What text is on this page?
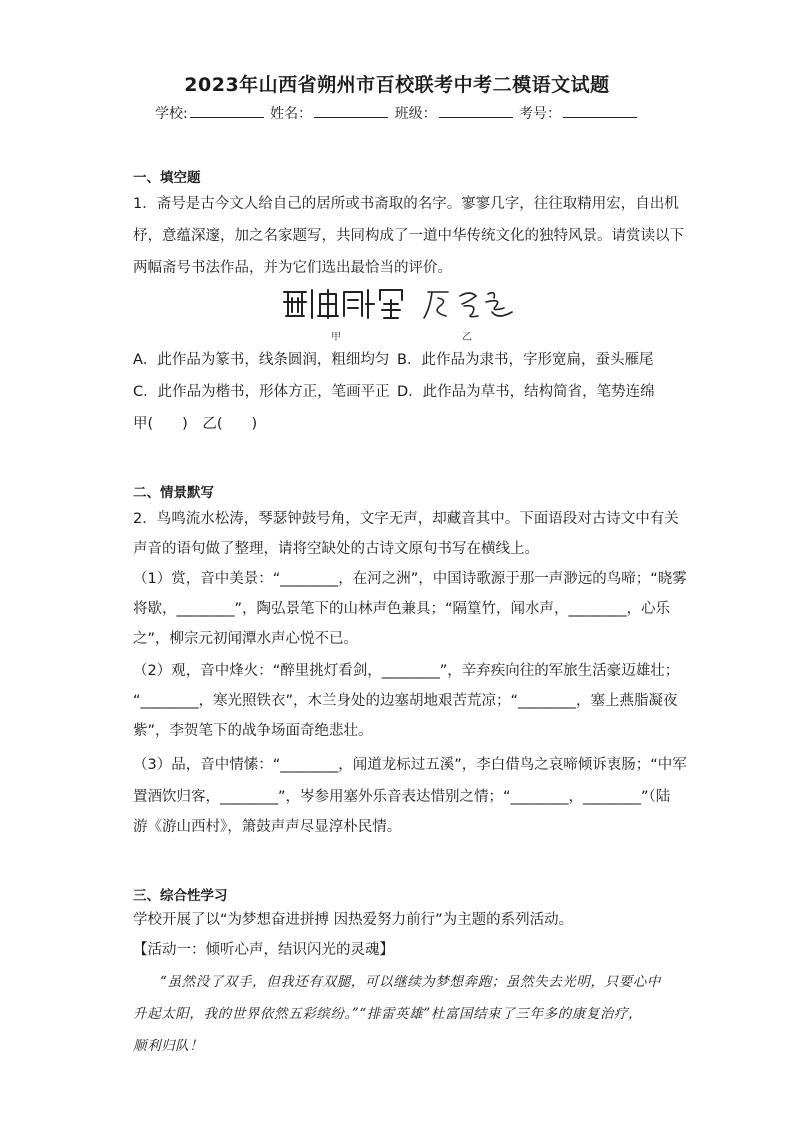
2023年山西省朔州市百校联考中考二模语文试题
学校:	姓名：	班级：	考号：
一、填空题
1．斋号是古今文人给自己的居所或书斋取的名字。寥寥几字，往往取精用宏，自出机
杼，意蕴深邃，加之名家题写，共同构成了一道中华传统文化的独特风景。请赏读以下
两幅斋号书法作品，并为它们选出最恰当的评价。
甲	乙
A．此作品为篆书，线条圆润，粗细均匀 B．此作品为隶书，字形宽扁，蚕头雁尾
C．此作品为楷书，形体方正，笔画平正 D．此作品为草书，结构简省，笔势连绵
甲(　　)　乙(　　)
二、情景默写
2．鸟鸣流水松涛，琴瑟钟鼓号角，文字无声，却藏音其中。下面语段对古诗文中有关
声音的语句做了整理，请将空缺处的古诗文原句书写在横线上。
（1）赏，音中美景：“________，在河之洲”，中国诗歌源于那一声渺远的鸟啼；“晓雾
将歇，________”，陶弘景笔下的山林声色兼具；“隔篁竹，闻水声，________，心乐
之”，柳宗元初闻潭水声心悦不已。
（2）观，音中烽火：“醉里挑灯看剑，________”，辛弃疾向往的军旅生活豪迈雄壮；
“________，寒光照铁衣”，木兰身处的边塞胡地艰苦荒凉；“________，塞上燕脂凝夜
紫”，李贺笔下的战争场面奇绝悲壮。
（3）品，音中情愫：“________，闻道龙标过五溪”，李白借鸟之哀啼倾诉衷肠；“中军
置酒饮归客，________”，岑参用塞外乐音表达惜别之情；“________，________”（陆
游《游山西村》，箫鼓声声尽显淳朴民情。
三、综合性学习
学校开展了以“为梦想奋进拼搏 因热爱努力前行”为主题的系列活动。
【活动一：倾听心声，结识闪光的灵魂】
“虽然没了双手，但我还有双腿，可以继续为梦想奔跑；虽然失去光明，只要心中
升起太阳，我的世界依然五彩缤纷。”“排雷英雄”杜富国结束了三年多的康复治疗，
顺利归队！
